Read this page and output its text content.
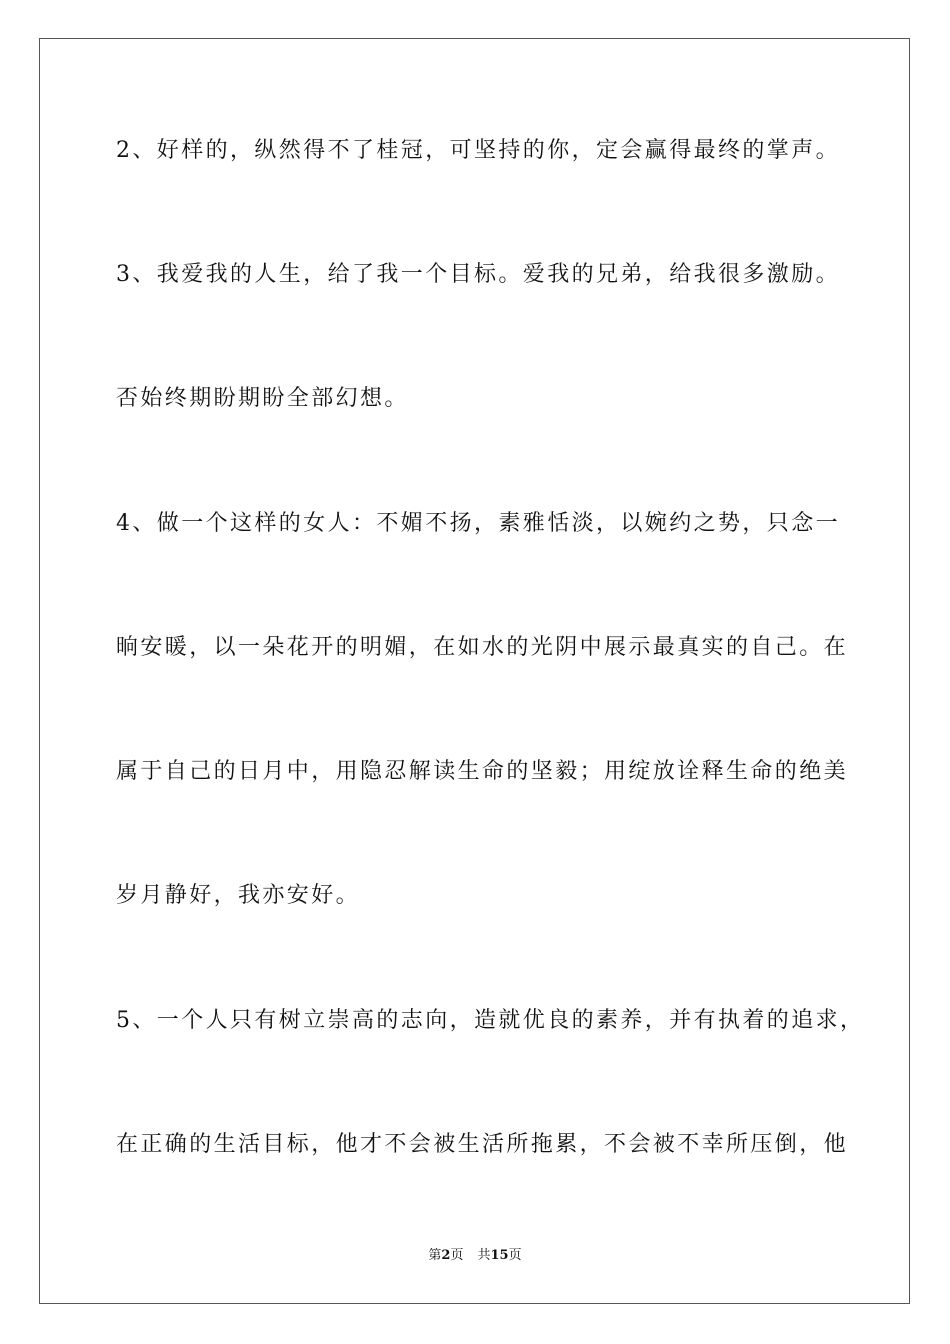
2、好样的，纵然得不了桂冠，可坚持的你，定会赢得最终的掌声。
3、我爱我的人生，给了我一个目标。爱我的兄弟，给我很多激励。
否始终期盼期盼全部幻想。
4、做一个这样的女人：不媚不扬，素雅恬淡，以婉约之势，只念一
晌安暖，以一朵花开的明媚，在如水的光阴中展示最真实的自己。在
属于自己的日月中，用隐忍解读生命的坚毅；用绽放诠释生命的绝美
岁月静好，我亦安好。
5、一个人只有树立崇高的志向，造就优良的素养，并有执着的追求，
在正确的生活目标，他才不会被生活所拖累，不会被不幸所压倒，他
第2页 共15页
